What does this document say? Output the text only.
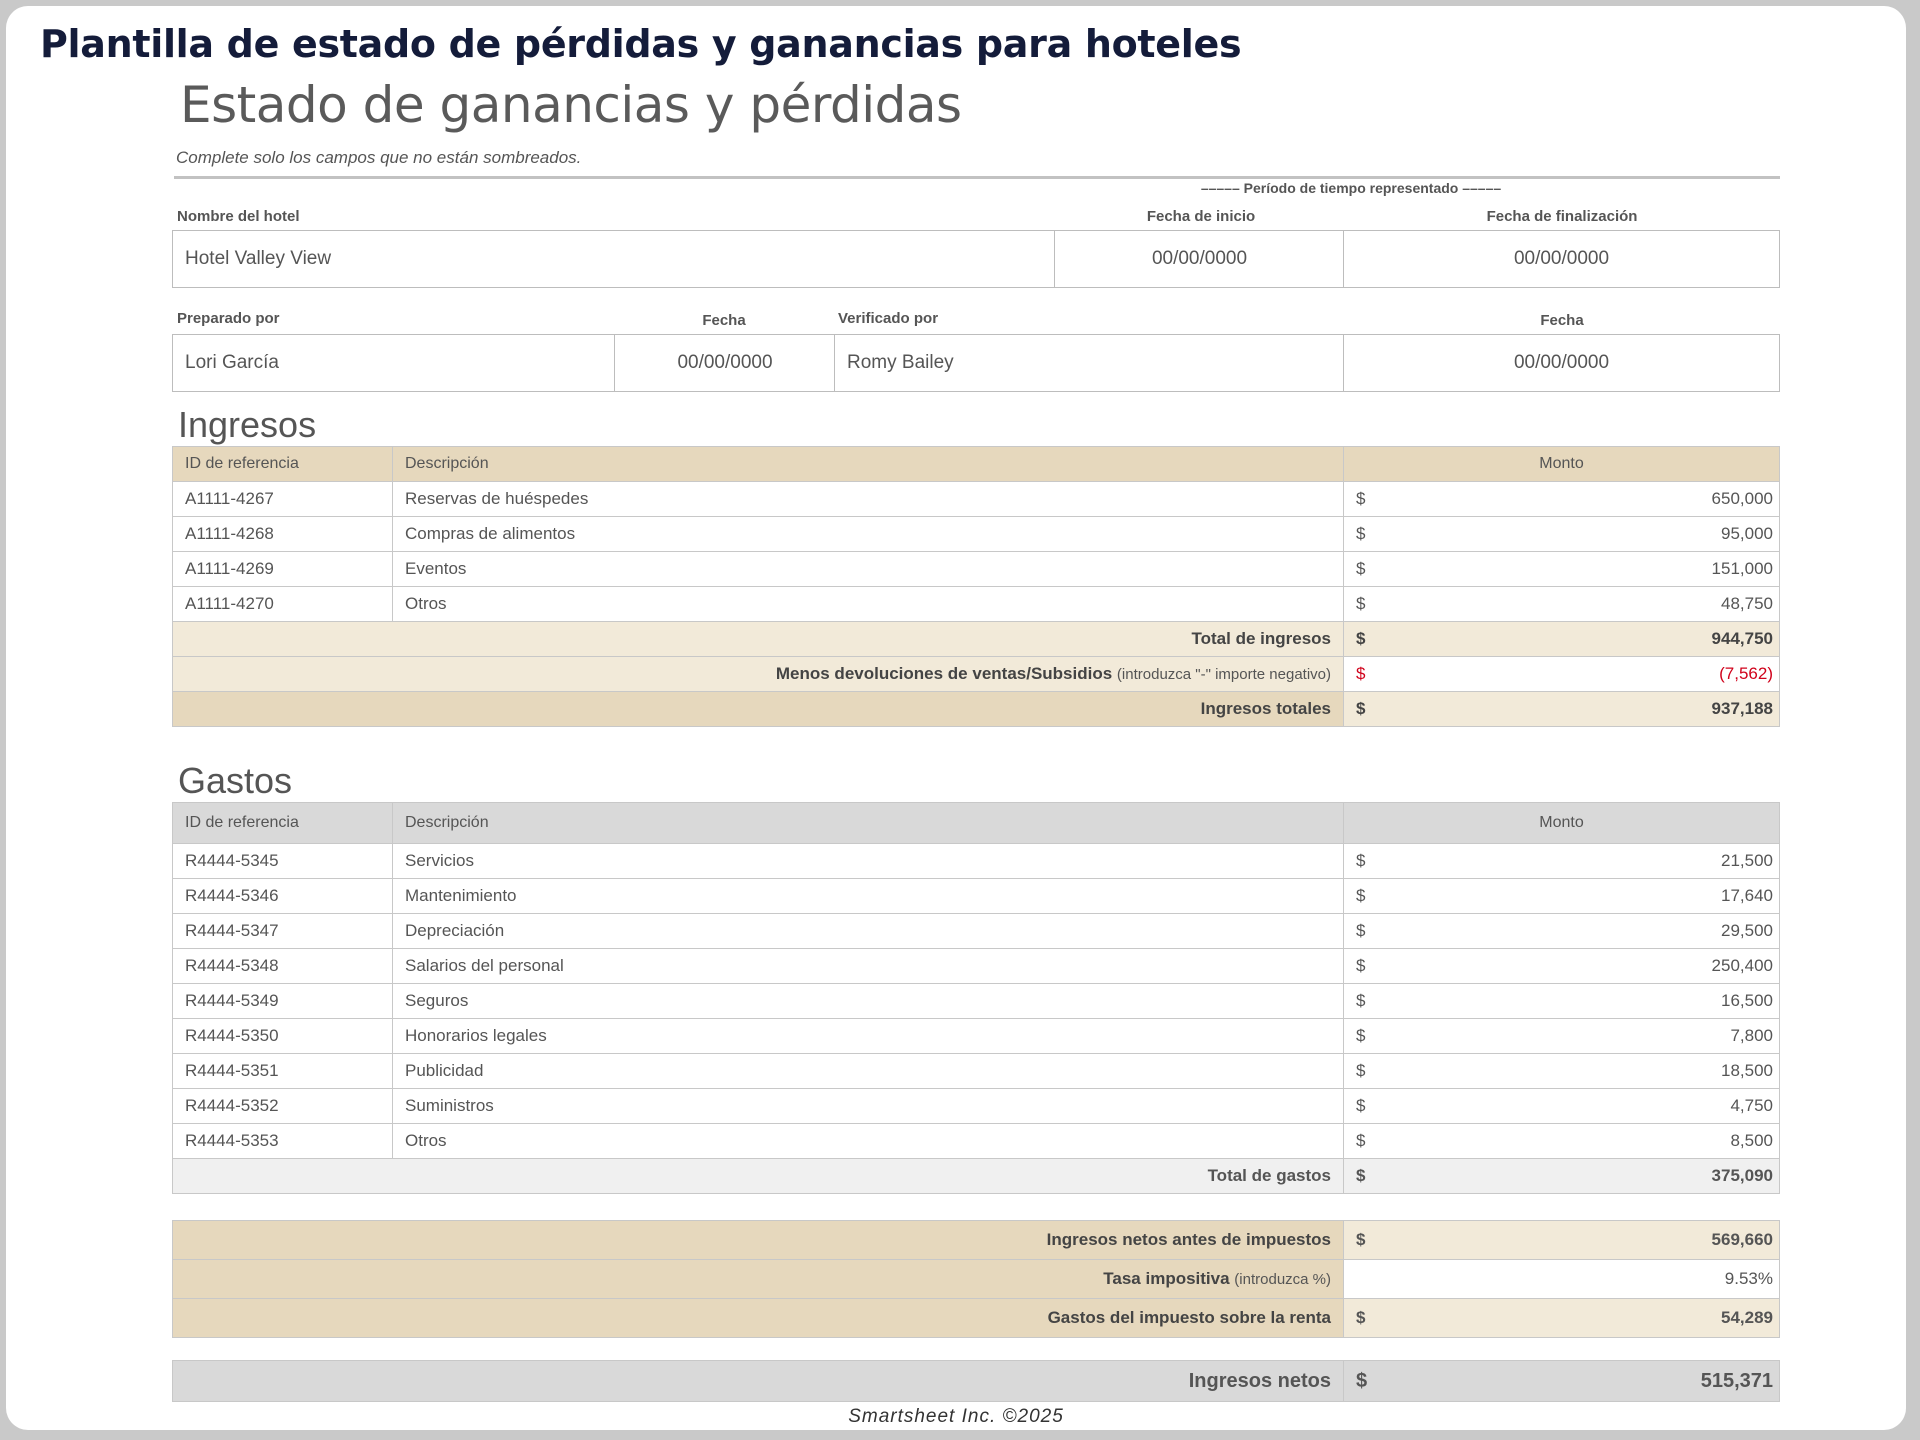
Plantilla de estado de pérdidas y ganancias para hoteles
Estado de ganancias y pérdidas
Complete solo los campos que no están sombreados.
––––– Período de tiempo representado –––––
Nombre del hotel	Fecha de inicio	Fecha de finalización
Hotel Valley View	00/00/0000	00/00/0000
Preparado por	Fecha	Verificado por	Fecha
Lori García	00/00/0000	Romy Bailey	00/00/0000
Ingresos
ID de referencia	Descripción	Monto	
A1111-4267	Reservas de huéspedes	$	650,000
A1111-4268	Compras de alimentos	$	95,000
A1111-4269	Eventos	$	151,000
A1111-4270	Otros	$	48,750
Total de ingresos		$	944,750
Menos devoluciones de ventas/Subsidios (introduzca "-" importe negativo)		$	(7,562)
Ingresos totales		$	937,188
Gastos
ID de referencia	Descripción	Monto	
R4444-5345	Servicios	$	21,500
R4444-5346	Mantenimiento	$	17,640
R4444-5347	Depreciación	$	29,500
R4444-5348	Salarios del personal	$	250,400
R4444-5349	Seguros	$	16,500
R4444-5350	Honorarios legales	$	7,800
R4444-5351	Publicidad	$	18,500
R4444-5352	Suministros	$	4,750
R4444-5353	Otros	$	8,500
Total de gastos		$	375,090
Ingresos netos antes de impuestos	$	569,660
Tasa impositiva (introduzca %)		9.53%
Gastos del impuesto sobre la renta	$	54,289
Ingresos netos	$	515,371
Smartsheet Inc. ©2025
